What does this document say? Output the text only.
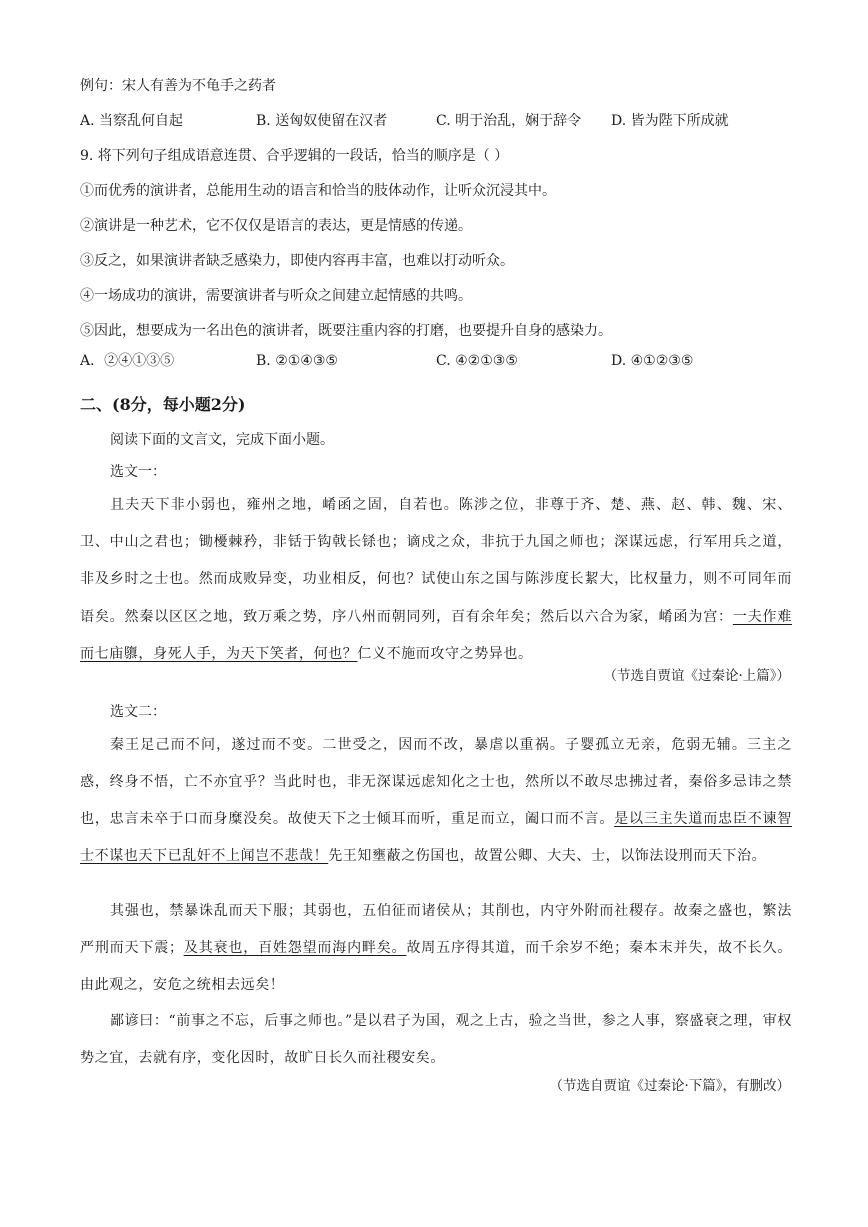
例句：宋人有善为不龟手之药者
A. 当察乱何自起	B. 送匈奴使留在汉者	C. 明于治乱，娴于辞令 D. 皆为陛下所成就
9. 将下列句子组成语意连贯、合乎逻辑的一段话，恰当的顺序是（ ）
①而优秀的演讲者，总能用生动的语言和恰当的肢体动作，让听众沉浸其中。
②演讲是一种艺术，它不仅仅是语言的表达，更是情感的传递。
③反之，如果演讲者缺乏感染力，即使内容再丰富，也难以打动听众。
④一场成功的演讲，需要演讲者与听众之间建立起情感的共鸣。
⑤因此，想要成为一名出色的演讲者，既要注重内容的打磨，也要提升自身的感染力。
A．②④①③⑤	B. ②①④③⑤	C. ④②①③⑤	D. ④①②③⑤
二、(8分，每小题2分)
阅读下面的文言文，完成下面小题。
选文一：

且夫天下非小弱也，雍州之地，崤函之固，自若也。陈涉之位，非尊于齐、楚、燕、赵、韩、魏、宋、卫、中山之君也；锄櫌棘矜，非铦于钩戟长铩也；谪戍之众，非抗于九国之师也；深谋远虑，行军用兵之道，非及乡时之士也。然而成败异变，功业相反，何也？试使山东之国与陈涉度长絜大，比权量力，则不可同年而语矣。然秦以区区之地，致万乘之势，序八州而朝同列，百有余年矣；然后以六合为家，崤函为宫：一夫作难而七庙隳，身死人手，为天下笑者，何也？仁义不施而攻守之势异也。

（节选自贾谊《过秦论·上篇》）
选文二：

秦王足己而不问，遂过而不变。二世受之，因而不改，暴虐以重祸。子婴孤立无亲，危弱无辅。三主之惑，终身不悟，亡不亦宜乎？当此时也，非无深谋远虑知化之士也，然所以不敢尽忠拂过者，秦俗多忌讳之禁也，忠言未卒于口而身糜没矣。故使天下之士倾耳而听，重足而立，阖口而不言。是以三主失道而忠臣不谏智士不谋也天下已乱奸不上闻岂不悲哉！先王知壅蔽之伤国也，故置公卿、大夫、士，以饰法设刑而天下治。

其强也，禁暴诛乱而天下服；其弱也，五伯征而诸侯从；其削也，内守外附而社稷存。故秦之盛也，繁法严刑而天下震；及其衰也，百姓怨望而海内畔矣。故周五序得其道，而千余岁不绝；秦本末并失，故不长久。由此观之，安危之统相去远矣！

鄙谚曰：“前事之不忘，后事之师也。”是以君子为国，观之上古，验之当世，参之人事，察盛衰之理，审权势之宜，去就有序，变化因时，故旷日长久而社稷安矣。

（节选自贾谊《过秦论·下篇》，有删改）
